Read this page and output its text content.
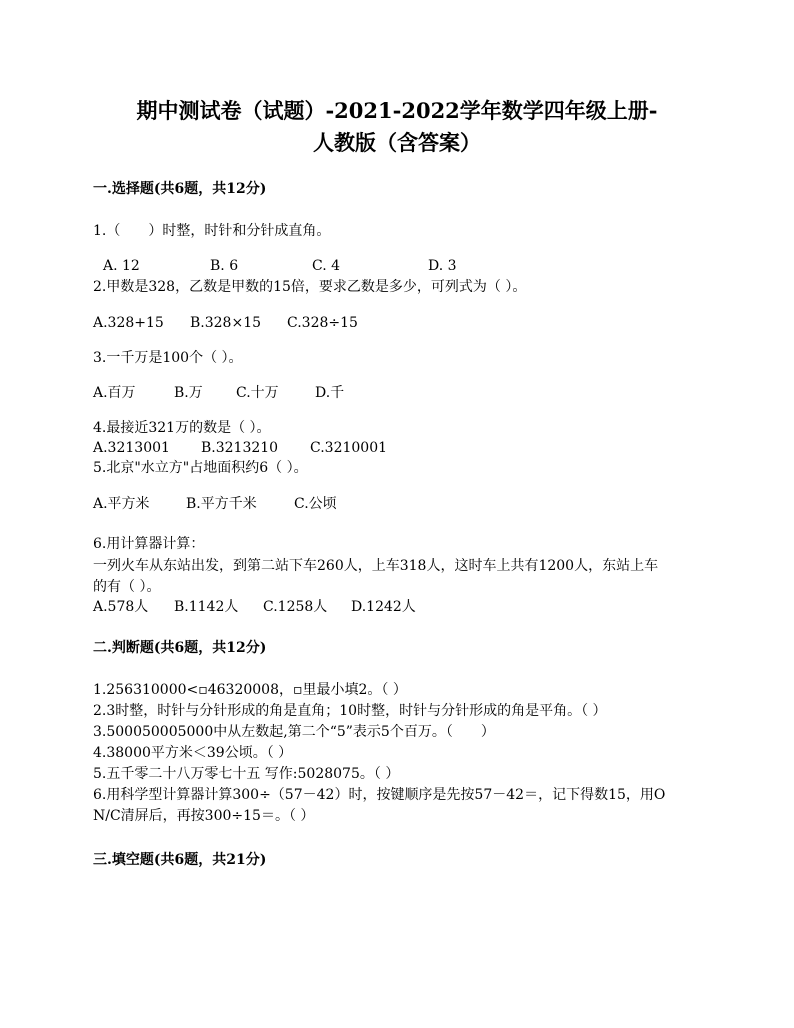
期中测试卷（试题）-2021-2022学年数学四年级上册-
人教版（含答案）
一.选择题(共6题，共12分)
1.（　　）时整，时针和分针成直角。
A. 12	B. 6	C. 4	D. 3
2.甲数是328，乙数是甲数的15倍，要求乙数是多少，可列式为（ ）。
A.328+15 B.328×15 C.328÷15
3.一千万是100个（ ）。
A.百万	B.万 C.十万	D.千
4.最接近321万的数是（ ）。
A.3213001 B.3213210 C.3210001
5.北京"水立方"占地面积约6（ ）。
A.平方米	B.平方千米	C.公顷
6.用计算器计算：
一列火车从东站出发，到第二站下车260人，上车318人，这时车上共有1200人，东站上车
的有（ ）。
A.578人 B.1142人 C.1258人 D.1242人
二.判断题(共6题，共12分)
1.256310000<▫46320008，▫里最小填2。（ ）
2.3时整，时针与分针形成的角是直角；10时整，时针与分针形成的角是平角。（ ）
3.500050005000中从左数起,第二个“5”表示5个百万。（　　）
4.38000平方米＜39公顷。（ ）
5.五千零二十八万零七十五 写作:5028075。（ ）
6.用科学型计算器计算300÷（57－42）时，按键顺序是先按57－42＝，记下得数15，用O
N/C清屏后，再按300÷15＝。（ ）
三.填空题(共6题，共21分)
